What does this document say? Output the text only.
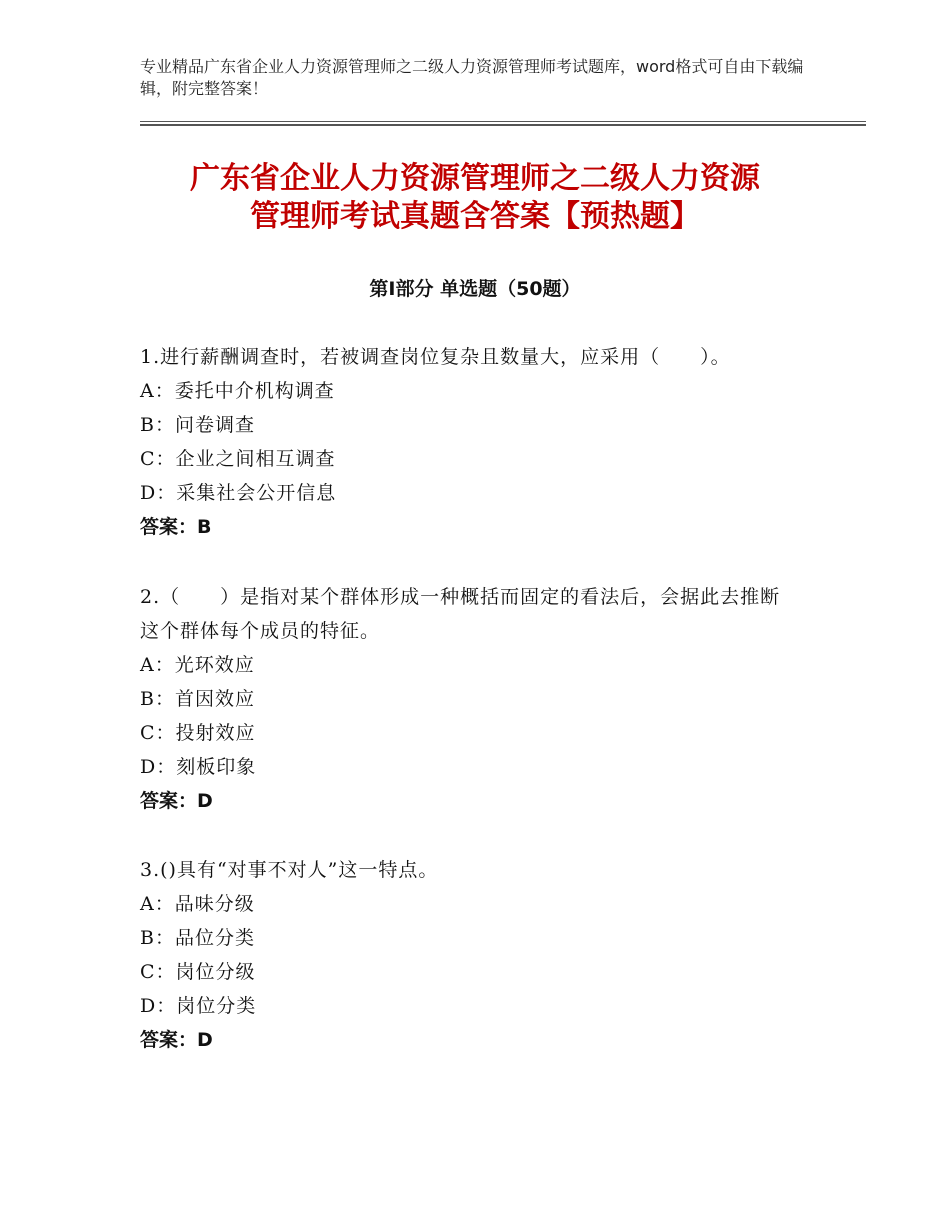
专业精品广东省企业人力资源管理师之二级人力资源管理师考试题库，word格式可自由下载编辑，附完整答案！
广东省企业人力资源管理师之二级人力资源
管理师考试真题含答案【预热题】
第Ⅰ部分 单选题（50题）
1.进行薪酬调查时，若被调查岗位复杂且数量大，应采用（　　）。
A：委托中介机构调查
B：问卷调查
C：企业之间相互调查
D：采集社会公开信息
答案：B
2.（　　）是指对某个群体形成一种概括而固定的看法后，会据此去推断这个群体每个成员的特征。
A：光环效应
B：首因效应
C：投射效应
D：刻板印象
答案：D
3.()具有“对事不对人”这一特点。
A：品味分级
B：品位分类
C：岗位分级
D：岗位分类
答案：D
